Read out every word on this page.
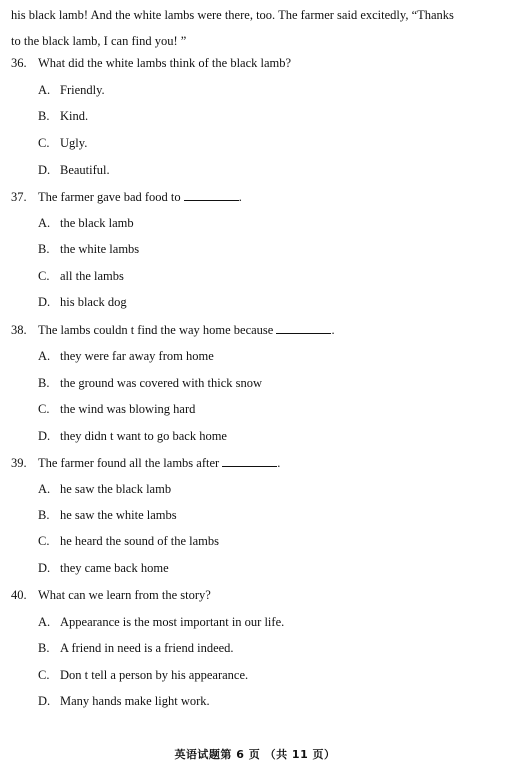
his black lamb! And the white lambs were there, too. The farmer said excitedly, “Thanks
to the black lamb, I can find you! ”
36. What did the white lambs think of the black lamb?
A. Friendly.
B. Kind.
C. Ugly.
D. Beautiful.
37. The farmer gave bad food to	.
A. the black lamb
B. the white lambs
C. all the lambs
D. his black dog
38. The lambs couldn t find the way home because	.
A. they were far away from home
B. the ground was covered with thick snow
C. the wind was blowing hard
D. they didn t want to go back home
39. The farmer found all the lambs after	.
A. he saw the black lamb
B. he saw the white lambs
C. he heard the sound of the lambs
D. they came back home
40. What can we learn from the story?
A. Appearance is the most important in our life.
B. A friend in need is a friend indeed.
C. Don t tell a person by his appearance.
D. Many hands make light work.
英语试题第 6 页 （共 11 页）
